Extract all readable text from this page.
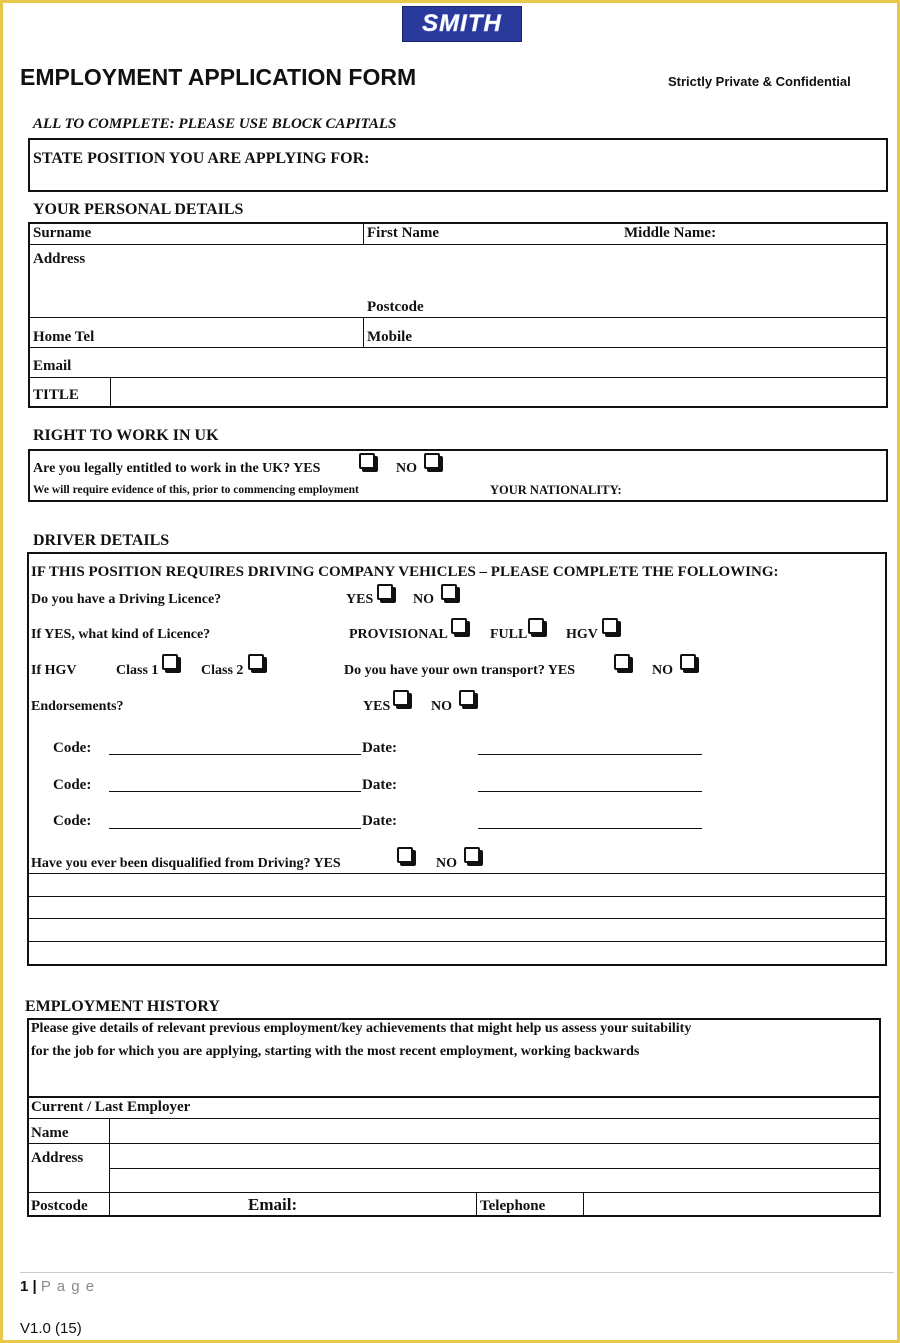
SMITH
EMPLOYMENT APPLICATION FORM	Strictly Private & Confidential
ALL TO COMPLETE: PLEASE USE BLOCK CAPITALS
STATE POSITION YOU ARE APPLYING FOR:
YOUR PERSONAL DETAILS
Surname	First Name	Middle Name:
Address
Postcode
Home Tel	Mobile
Email
TITLE
RIGHT TO WORK IN UK
Are you legally entitled to work in the UK? YES	NO
We will require evidence of this, prior to commencing employment	YOUR NATIONALITY:
DRIVER DETAILS
IF THIS POSITION REQUIRES DRIVING COMPANY VEHICLES – PLEASE COMPLETE THE FOLLOWING:
Do you have a Driving Licence?	YES	NO
If YES, what kind of Licence?	PROVISIONAL	FULL	HGV
If HGV	Class 1	Class 2	Do you have your own transport? YES	NO
Endorsements?	YES	NO
Code:	Date:
Code:	Date:
Code:	Date:
Have you ever been disqualified from Driving? YES	NO
EMPLOYMENT HISTORY
Please give details of relevant previous employment/key achievements that might help us assess your suitability
for the job for which you are applying, starting with the most recent employment, working backwards
Current / Last Employer
Name
Address
Postcode	Email:	Telephone
1 | P a g e
V1.0 (15)
